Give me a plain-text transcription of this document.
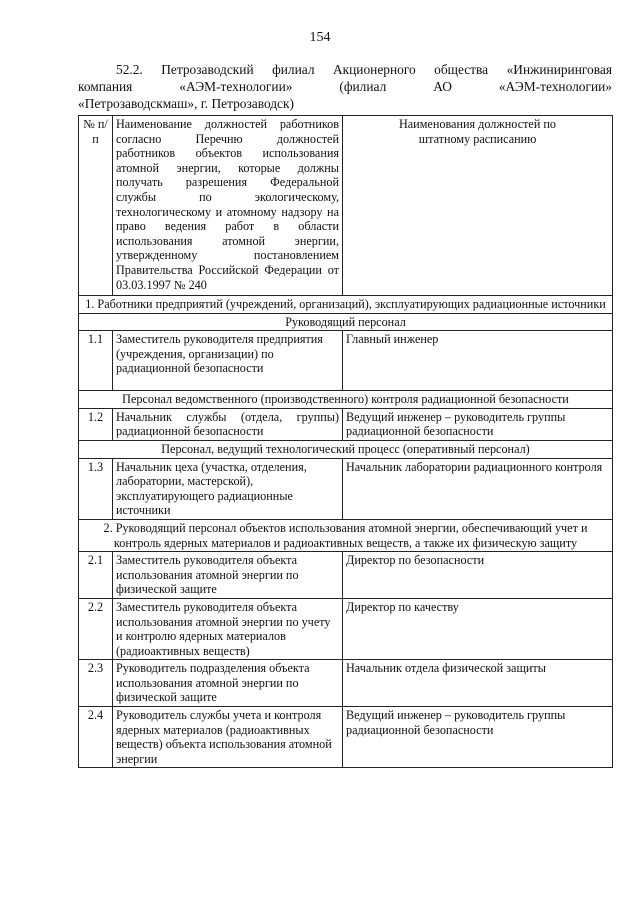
154
52.2. Петрозаводский филиал Акционерного общества «Инжиниринговая
компания «АЭМ-технологии» (филиал АО «АЭМ-технологии»
«Петрозаводскмаш», г. Петрозаводск)
№ п/п	Наименование должностей работников согласно Перечню должностей работников объектов использования атомной энергии, которые должны получать разрешения Федеральной службы по экологическому, технологическому и атомному надзору на право ведения работ в области использования атомной энергии, утвержденному постановлением Правительства Российской Федерации от 03.03.1997 № 240	Наименования должностей по штатному расписанию
1. Работники предприятий (учреждений, организаций), эксплуатирующих радиационные источники		
Руководящий персонал		
1.1	Заместитель руководителя предприятия (учреждения, организации) по радиационной безопасности	Главный инженер
Персонал ведомственного (производственного) контроля радиационной безопасности		
1.2	Начальник службы (отдела, группы) радиационной безопасности	Ведущий инженер – руководитель группы радиационной безопасности
Персонал, ведущий технологический процесс (оперативный персонал)		
1.3	Начальник цеха (участка, отделения, лаборатории, мастерской), эксплуатирующего радиационные источники	Начальник лаборатории радиационного контроля
2. Руководящий персонал объектов использования атомной энергии, обеспечивающий учет и контроль ядерных материалов и радиоактивных веществ, а также их физическую защиту		
2.1	Заместитель руководителя объекта использования атомной энергии по физической защите	Директор по безопасности
2.2	Заместитель руководителя объекта использования атомной энергии по учету и контролю ядерных материалов (радиоактивных веществ)	Директор по качеству
2.3	Руководитель подразделения объекта использования атомной энергии по физической защите	Начальник отдела физической защиты
2.4	Руководитель службы учета и контроля ядерных материалов (радиоактивных веществ) объекта использования атомной энергии	Ведущий инженер – руководитель группы радиационной безопасности
